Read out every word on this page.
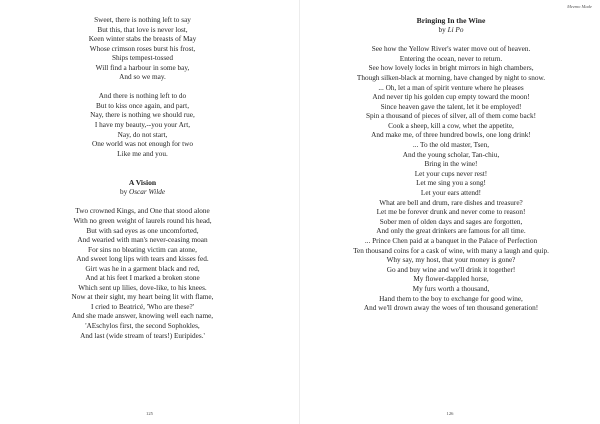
Sweet, there is nothing left to say
But this, that love is never lost,
Keen winter stabs the breasts of May
Whose crimson roses burst his frost,
Ships tempest-tossed
Will find a harbour in some bay,
And so we may.
And there is nothing left to do
But to kiss once again, and part,
Nay, there is nothing we should rue,
I have my beauty,--you your Art,
Nay, do not start,
One world was not enough for two
Like me and you.
A Vision
by Oscar Wilde
Two crowned Kings, and One that stood alone
With no green weight of laurels round his head,
But with sad eyes as one uncomforted,
And wearied with man's never-ceasing moan
For sins no bleating victim can atone,
And sweet long lips with tears and kisses fed.
Girt was he in a garment black and red,
And at his feet I marked a broken stone
Which sent up lilies, dove-like, to his knees.
Now at their sight, my heart being lit with flame,
I cried to Beatricé, 'Who are these?'
And she made answer, knowing well each name,
'AEschylos first, the second Sophokles,
And last (wide stream of tears!) Euripides.'
125
Mezmo Made
Bringing In the Wine
by Li Po
See how the Yellow River's water move out of heaven.
Entering the ocean, never to return.
See how lovely locks in bright mirrors in high chambers,
Though silken-black at morning, have changed by night to snow.
... Oh, let a man of spirit venture where he pleases
And never tip his golden cup empty toward the moon!
Since heaven gave the talent, let it be employed!
Spin a thousand of pieces of silver, all of them come back!
Cook a sheep, kill a cow, whet the appetite,
And make me, of three hundred bowls, one long drink!
... To the old master, Tsen,
And the young scholar, Tan-chiu,
Bring in the wine!
Let your cups never rest!
Let me sing you a song!
Let your ears attend!
What are bell and drum, rare dishes and treasure?
Let me be forever drunk and never come to reason!
Sober men of olden days and sages are forgotten,
And only the great drinkers are famous for all time.
... Prince Chen paid at a banquet in the Palace of Perfection
Ten thousand coins for a cask of wine, with many a laugh and quip.
Why say, my host, that your money is gone?
Go and buy wine and we'll drink it together!
My flower-dappled horse,
My furs worth a thousand,
Hand them to the boy to exchange for good wine,
And we'll drown away the woes of ten thousand generation!
126
